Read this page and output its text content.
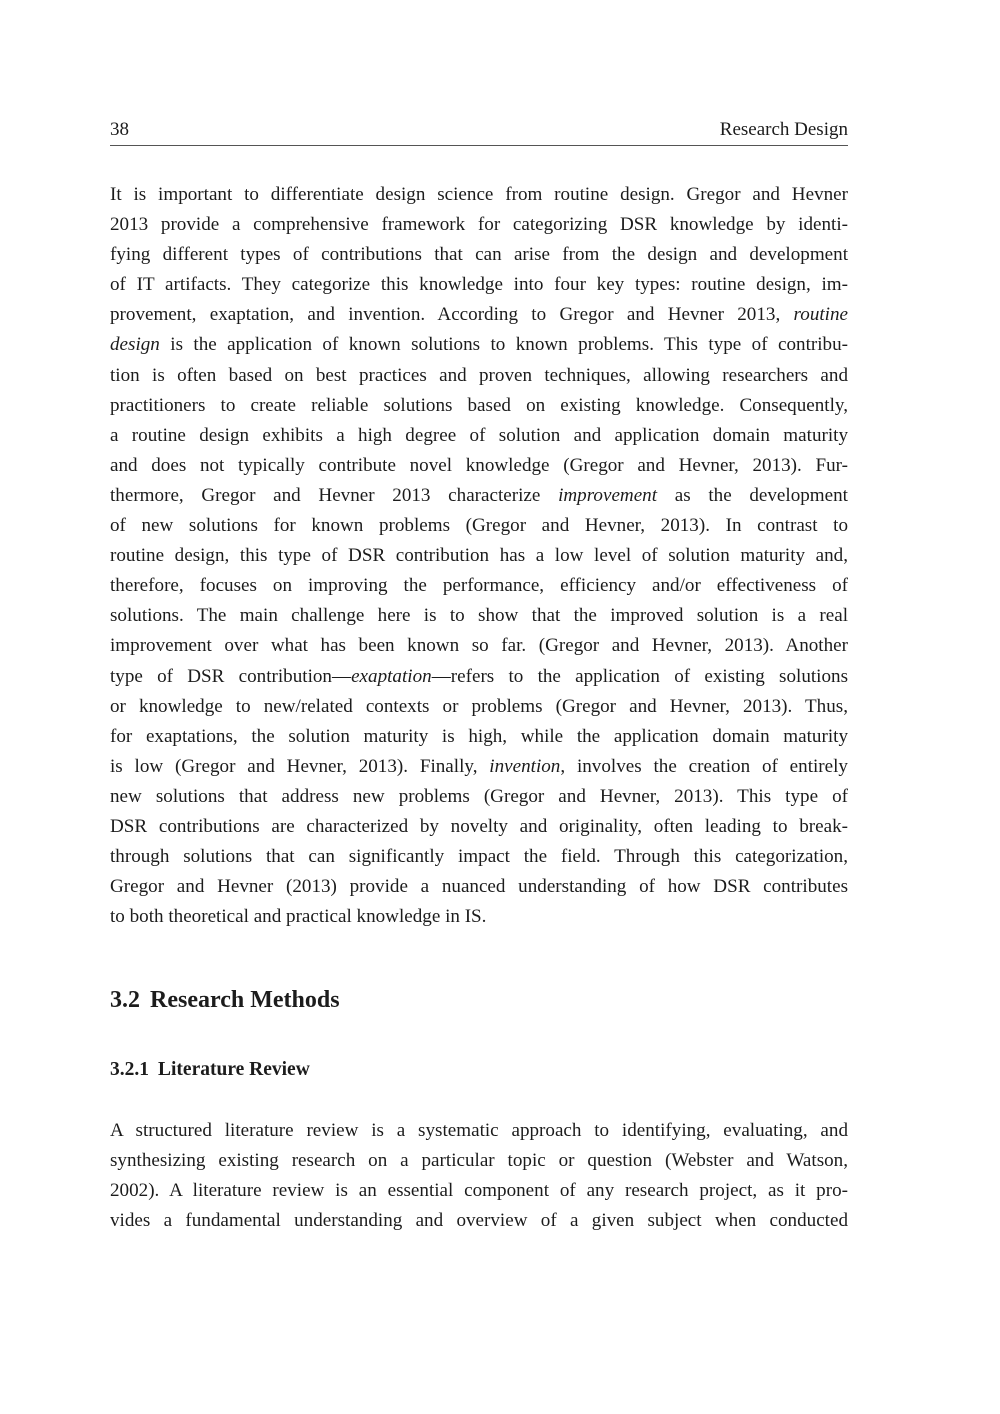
38	Research Design
It is important to differentiate design science from routine design. Gregor and Hevner
2013 provide a comprehensive framework for categorizing DSR knowledge by identi-
fying different types of contributions that can arise from the design and development
of IT artifacts. They categorize this knowledge into four key types: routine design, im-
provement, exaptation, and invention. According to Gregor and Hevner 2013, routine
design is the application of known solutions to known problems. This type of contribu-
tion is often based on best practices and proven techniques, allowing researchers and
practitioners to create reliable solutions based on existing knowledge. Consequently,
a routine design exhibits a high degree of solution and application domain maturity
and does not typically contribute novel knowledge (Gregor and Hevner, 2013). Fur-
thermore, Gregor and Hevner 2013 characterize improvement as the development
of new solutions for known problems (Gregor and Hevner, 2013). In contrast to
routine design, this type of DSR contribution has a low level of solution maturity and,
therefore, focuses on improving the performance, efficiency and/or effectiveness of
solutions. The main challenge here is to show that the improved solution is a real
improvement over what has been known so far. (Gregor and Hevner, 2013). Another
type of DSR contribution—exaptation—refers to the application of existing solutions
or knowledge to new/related contexts or problems (Gregor and Hevner, 2013). Thus,
for exaptations, the solution maturity is high, while the application domain maturity
is low (Gregor and Hevner, 2013). Finally, invention, involves the creation of entirely
new solutions that address new problems (Gregor and Hevner, 2013). This type of
DSR contributions are characterized by novelty and originality, often leading to break-
through solutions that can significantly impact the field. Through this categorization,
Gregor and Hevner (2013) provide a nuanced understanding of how DSR contributes
to both theoretical and practical knowledge in IS.
3.2 Research Methods
3.2.1 Literature Review
A structured literature review is a systematic approach to identifying, evaluating, and
synthesizing existing research on a particular topic or question (Webster and Watson,
2002). A literature review is an essential component of any research project, as it pro-
vides a fundamental understanding and overview of a given subject when conducted
